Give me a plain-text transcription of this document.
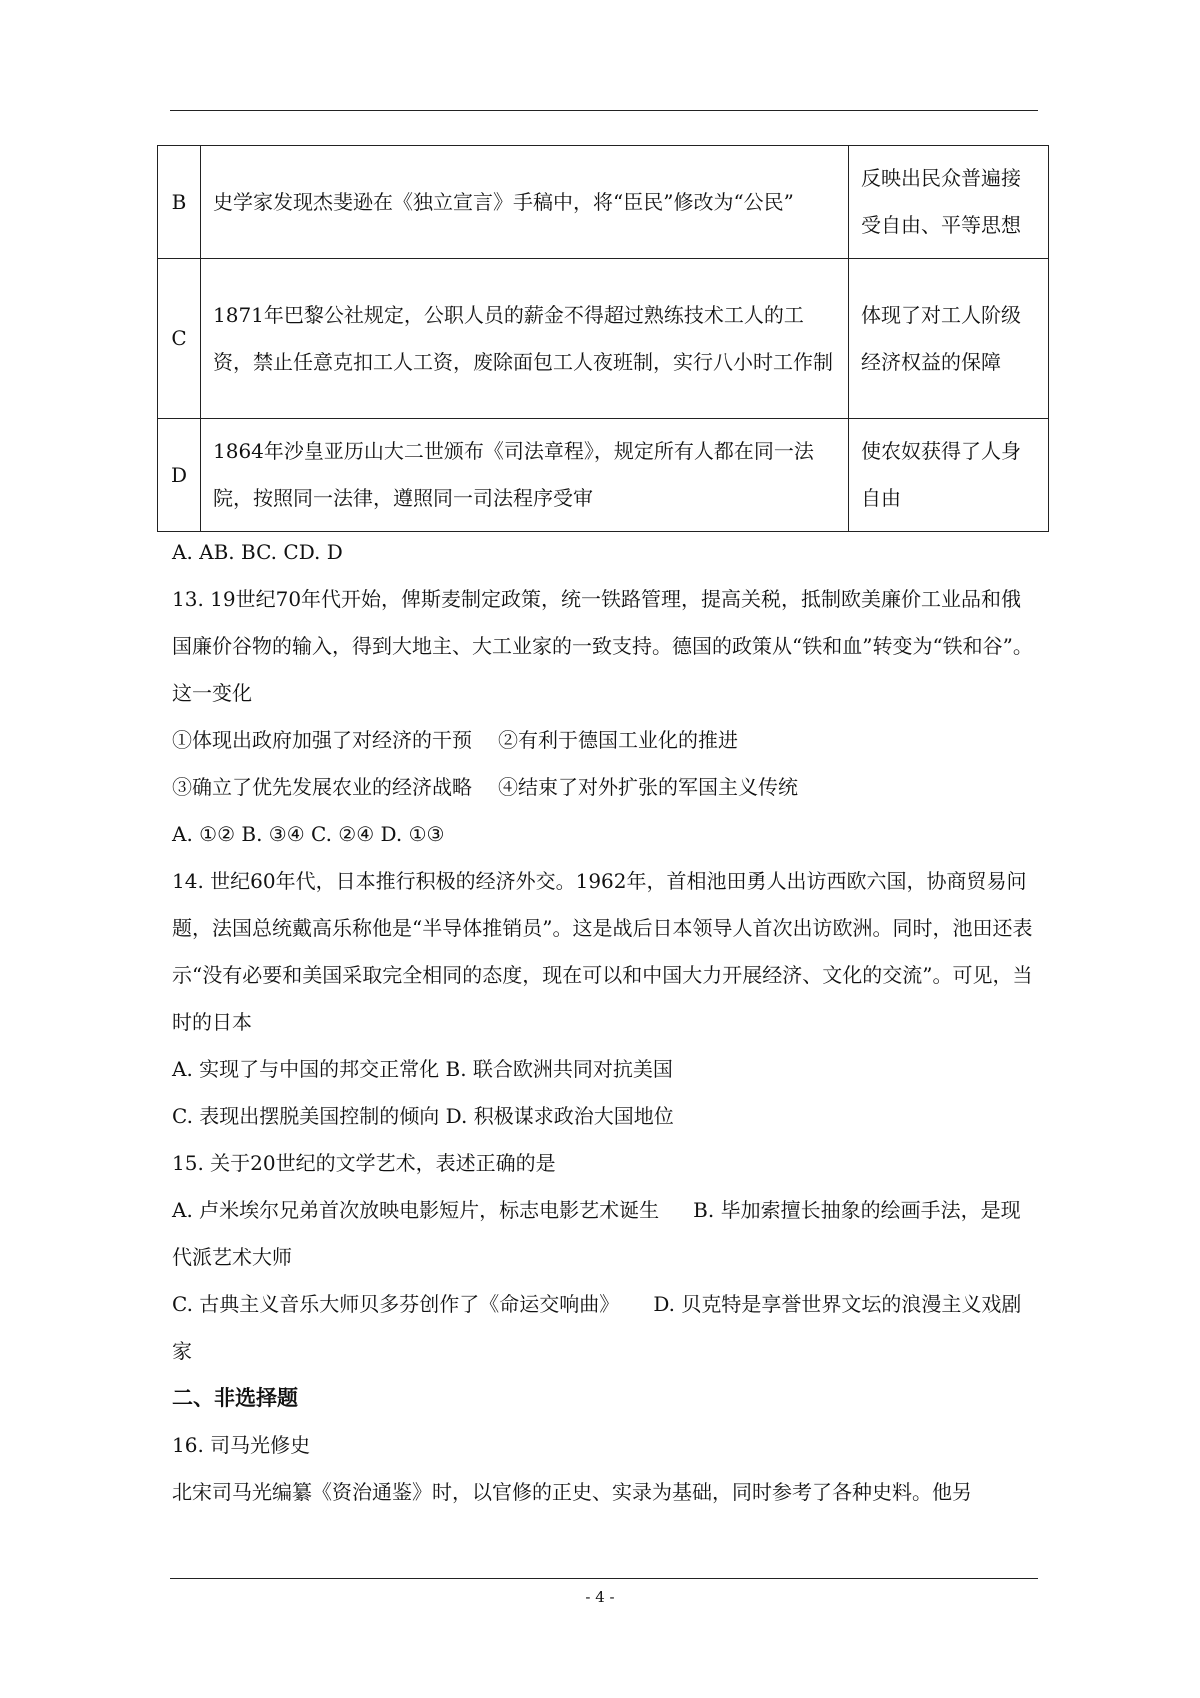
B	史学家发现杰斐逊在《独立宣言》手稿中，将“臣民”修改为“公民”	反映出民众普遍接受自由、平等思想
C	1871年巴黎公社规定，公职人员的薪金不得超过熟练技术工人的工资，禁止任意克扣工人工资，废除面包工人夜班制，实行八小时工作制	体现了对工人阶级经济权益的保障
D	1864年沙皇亚历山大二世颁布《司法章程》，规定所有人都在同一法院，按照同一法律，遵照同一司法程序受审	使农奴获得了人身自由

A. AB. BC. CD. D

13. 19世纪70年代开始，俾斯麦制定政策，统一铁路管理，提高关税，抵制欧美廉价工业品和俄国廉价谷物的输入，得到大地主、大工业家的一致支持。德国的政策从“铁和血”转变为“铁和谷”。这一变化

①体现出政府加强了对经济的干预 ②有利于德国工业化的推进

③确立了优先发展农业的经济战略 ④结束了对外扩张的军国主义传统

A. ①② B. ③④ C. ②④ D. ①③

14. 世纪60年代，日本推行积极的经济外交。1962年，首相池田勇人出访西欧六国，协商贸易问题，法国总统戴高乐称他是“半导体推销员”。这是战后日本领导人首次出访欧洲。同时，池田还表示“没有必要和美国采取完全相同的态度，现在可以和中国大力开展经济、文化的交流”。可见，当时的日本

A. 实现了与中国的邦交正常化 B. 联合欧洲共同对抗美国

C. 表现出摆脱美国控制的倾向 D. 积极谋求政治大国地位

15. 关于20世纪的文学艺术，表述正确的是

A. 卢米埃尔兄弟首次放映电影短片，标志电影艺术诞生 B. 毕加索擅长抽象的绘画手法，是现代派艺术大师

C. 古典主义音乐大师贝多芬创作了《命运交响曲》 D. 贝克特是享誉世界文坛的浪漫主义戏剧家

二、非选择题

16. 司马光修史

北宋司马光编纂《资治通鉴》时，以官修的正史、实录为基础，同时参考了各种史料。他另

- 4 -
